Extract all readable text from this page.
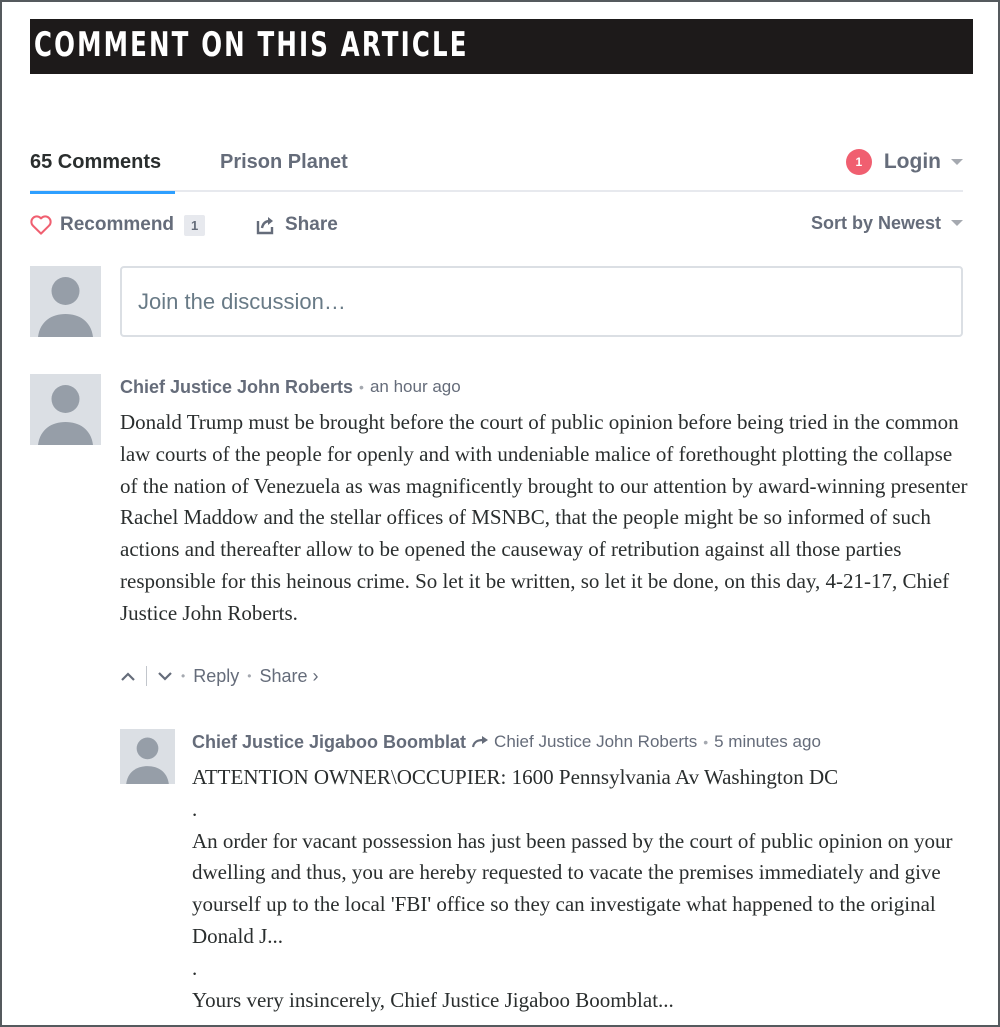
COMMENT ON THIS ARTICLE
65 Comments	Prison Planet	1	Login
Recommend	1	Share	Sort by Newest
Join the discussion…
Chief Justice John Roberts • an hour ago

Donald Trump must be brought before the court of public opinion before being tried in the common law courts of the people for openly and with undeniable malice of forethought plotting the collapse of the nation of Venezuela as was magnificently brought to our attention by award-winning presenter Rachel Maddow and the stellar offices of MSNBC, that the people might be so informed of such actions and thereafter allow to be opened the causeway of retribution against all those parties responsible for this heinous crime. So let it be written, so let it be done, on this day, 4-21-17, Chief Justice John Roberts.

• Reply • Share ›
Chief Justice Jigaboo Boomblat Chief Justice John Roberts • 5 minutes ago

ATTENTION OWNER\OCCUPIER: 1600 Pennsylvania Av Washington DC

.

An order for vacant possession has just been passed by the court of public opinion on your dwelling and thus, you are hereby requested to vacate the premises immediately and give yourself up to the local 'FBI' office so they can investigate what happened to the original Donald J...

.

Yours very insincerely, Chief Justice Jigaboo Boomblat...
